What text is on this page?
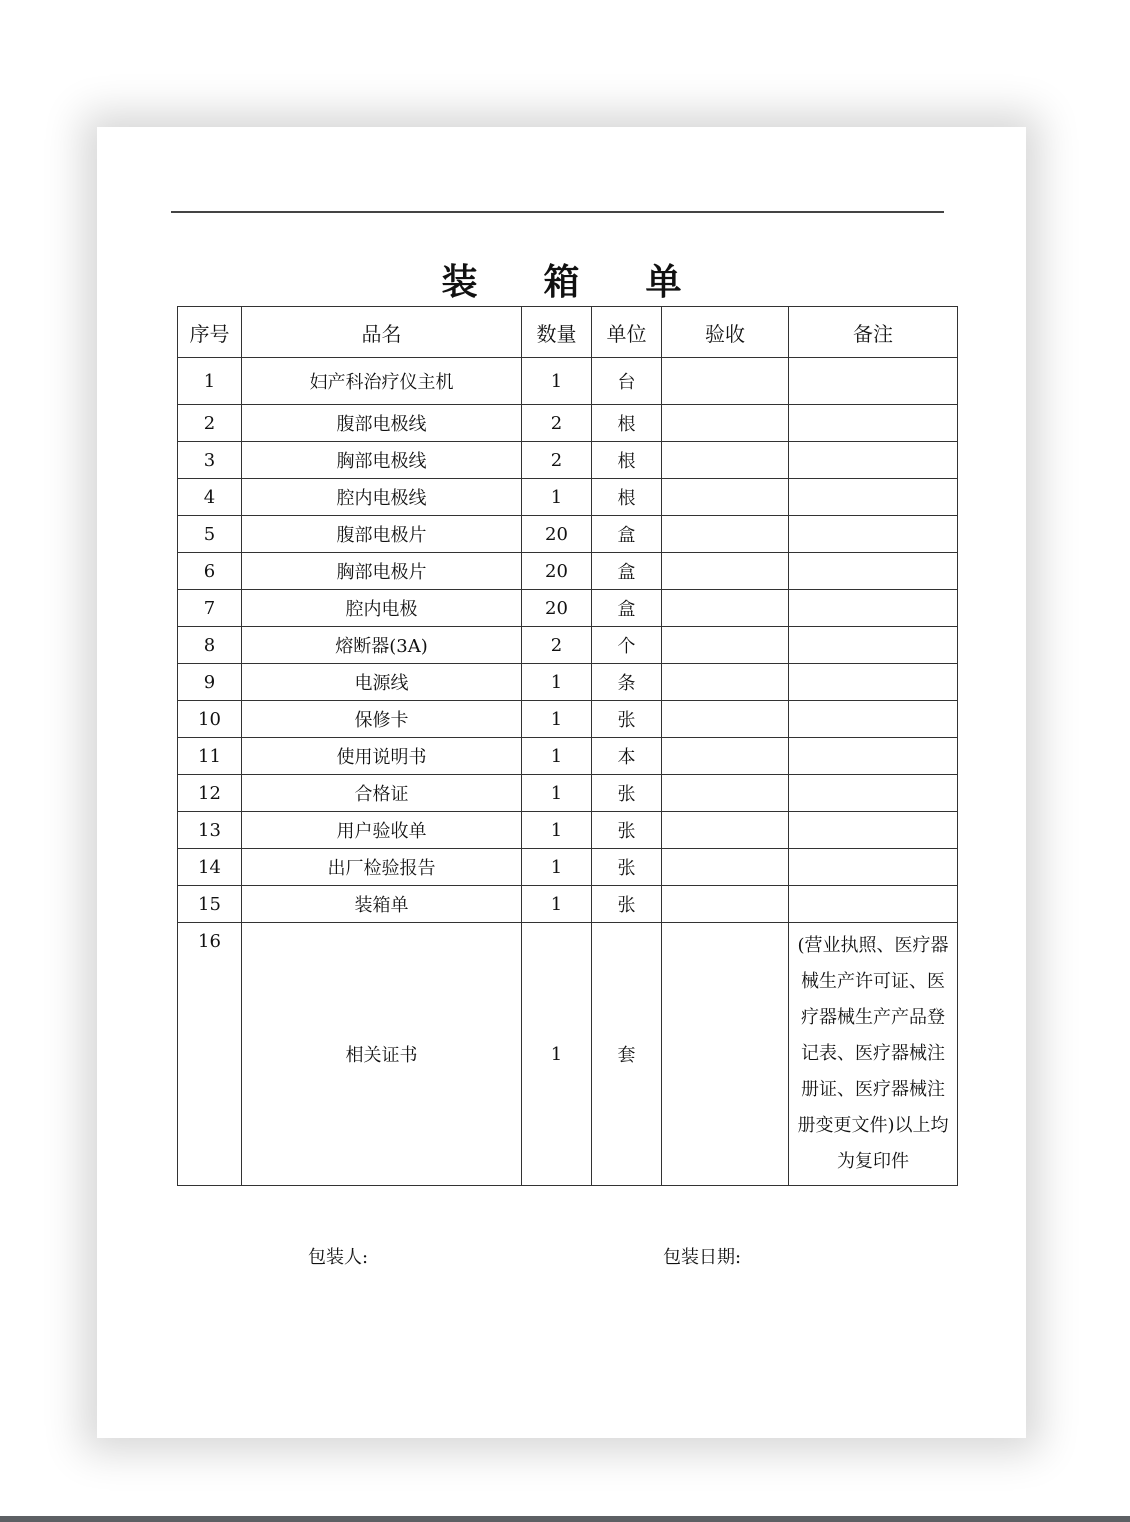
装箱单
序号	品名	数量	单位	验收	备注
1	妇产科治疗仪主机	1	台		
2	腹部电极线	2	根		
3	胸部电极线	2	根		
4	腔内电极线	1	根		
5	腹部电极片	20	盒		
6	胸部电极片	20	盒		
7	腔内电极	20	盒		
8	熔断器(3A)	2	个		
9	电源线	1	条		
10	保修卡	1	张		
11	使用说明书	1	本		
12	合格证	1	张		
13	用户验收单	1	张		
14	出厂检验报告	1	张		
15	装箱单	1	张		
16	相关证书	1	套		(营业执照、医疗器械生产许可证、医疗器械生产产品登记表、医疗器械注册证、医疗器械注册变更文件)以上均为复印件
包装人:	包装日期:
